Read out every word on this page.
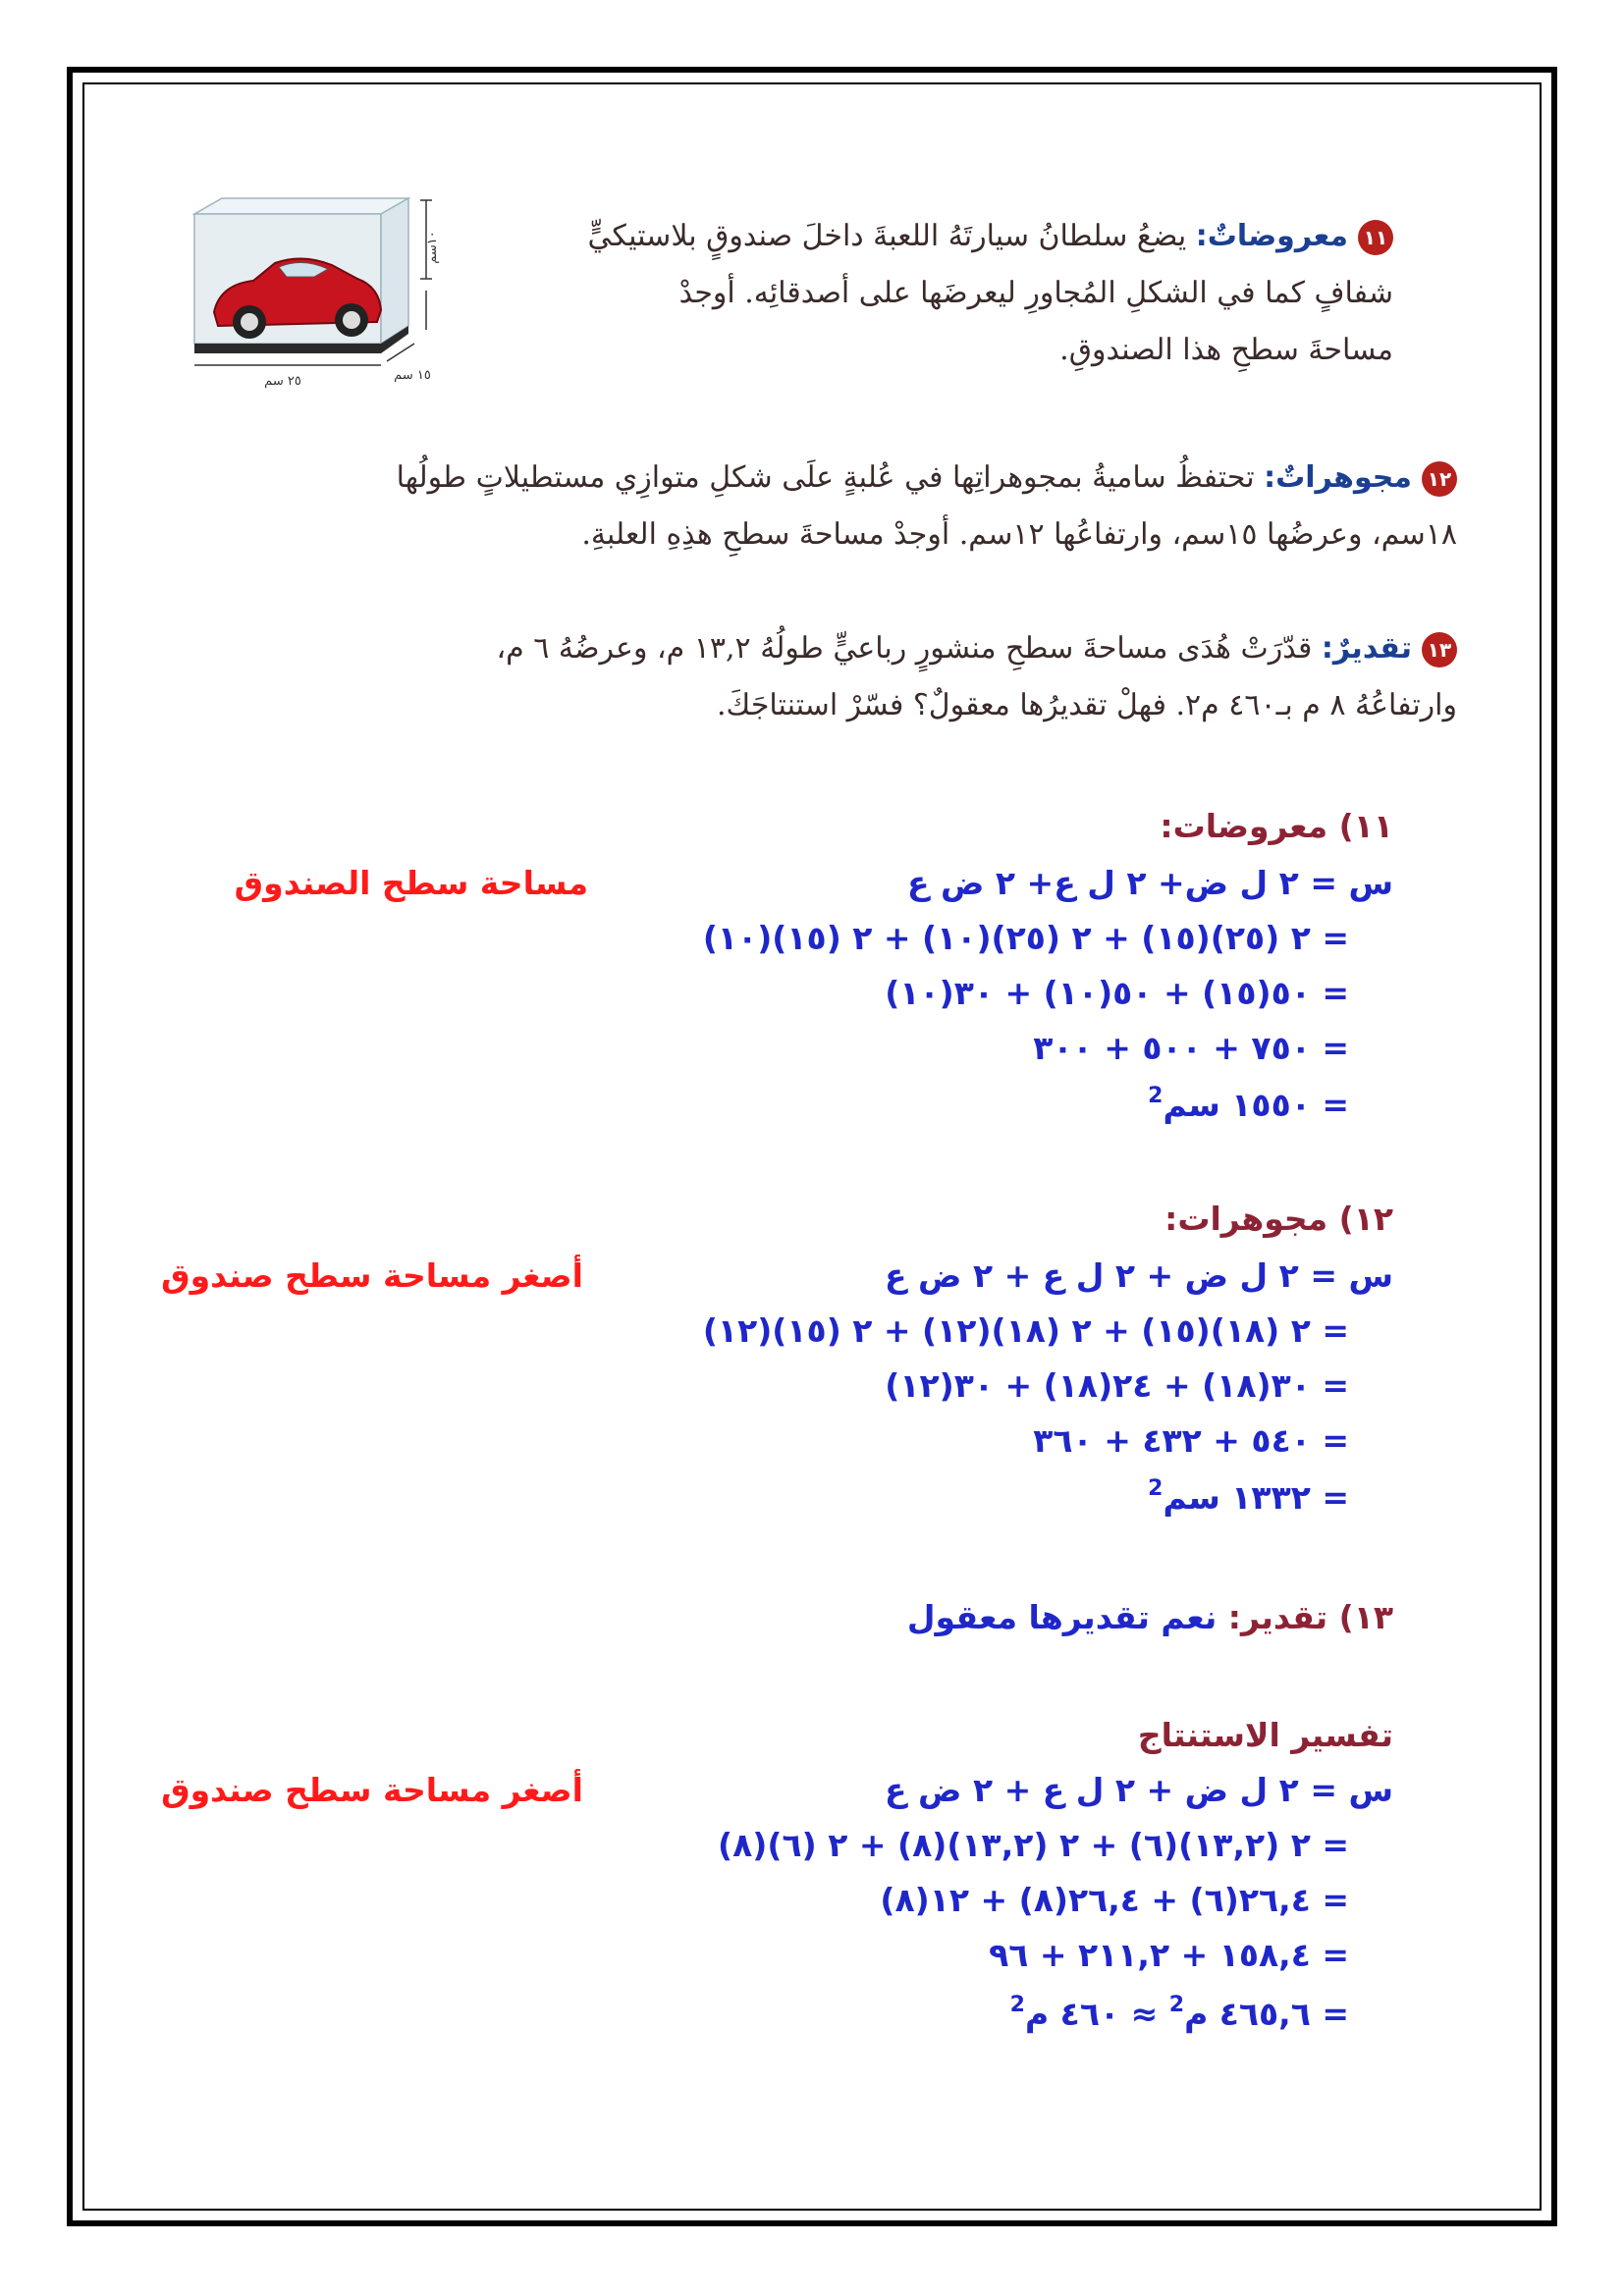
١٠سم
١٥ سم
٢٥ سم
١١معروضاتٌ: يضعُ سلطانُ سيارتَهُ اللعبةَ داخلَ صندوقٍ بلاستيكيٍّ
شفافٍ كما في الشكلِ المُجاورِ ليعرضَها على أصدقائِه. أوجدْ
مساحةَ سطحِ هذا الصندوقِ.
١٢مجوهراتٌ: تحتفظُ ساميةُ بمجوهراتِها في عُلبةٍ علَى شكلِ متوازِي مستطيلاتٍ طولُها
١٨سم، وعرضُها ١٥سم، وارتفاعُها ١٢سم. أوجدْ مساحةَ سطحِ هذِهِ العلبةِ.
١٣تقديرٌ: قدّرَتْ هُدَى مساحةَ سطحِ منشورٍ رباعيٍّ طولُهُ ١٣,٢ م، وعرضُهُ ٦ م،
وارتفاعُهُ ٨ م بـ٤٦٠ م٢. فهلْ تقديرُها معقولٌ؟ فسّرْ استنتاجَكَ.
١١) معروضات:
س = ٢ ل ض+ ٢ ل ع+ ٢ ض ع
مساحة سطح الصندوق
= ٢ (٢٥)(١٥) + ٢ (٢٥)(١٠) + ٢ (١٥)(١٠)
= ٥٠(١٥) + ٥٠(١٠) + ٣٠(١٠)
= ٧٥٠ + ٥٠٠ + ٣٠٠
= ١٥٥٠ سم$^2$
١٢) مجوهرات:
س = ٢ ل ض + ٢ ل ع + ٢ ض ع
أصغر مساحة سطح صندوق
= ٢ (١٨)(١٥) + ٢ (١٨)(١٢) + ٢ (١٥)(١٢)
= ٣٠(١٨) + ٢٤(١٨) + ٣٠(١٢)
= ٥٤٠ + ٤٣٢ + ٣٦٠
= ١٣٣٢ سم$^2$
١٣) تقدير: نعم تقديرها معقول
تفسير الاستنتاج
س = ٢ ل ض + ٢ ل ع + ٢ ض ع
أصغر مساحة سطح صندوق
= ٢ (١٣,٢)(٦) + ٢ (١٣,٢)(٨) + ٢ (٦)(٨)
= ٢٦,٤(٦) + ٢٦,٤(٨) + ١٢(٨)
= ١٥٨,٤ + ٢١١,٢ + ٩٦
= ٤٦٥,٦ م$^2$ ≈ ٤٦٠ م$^2$
